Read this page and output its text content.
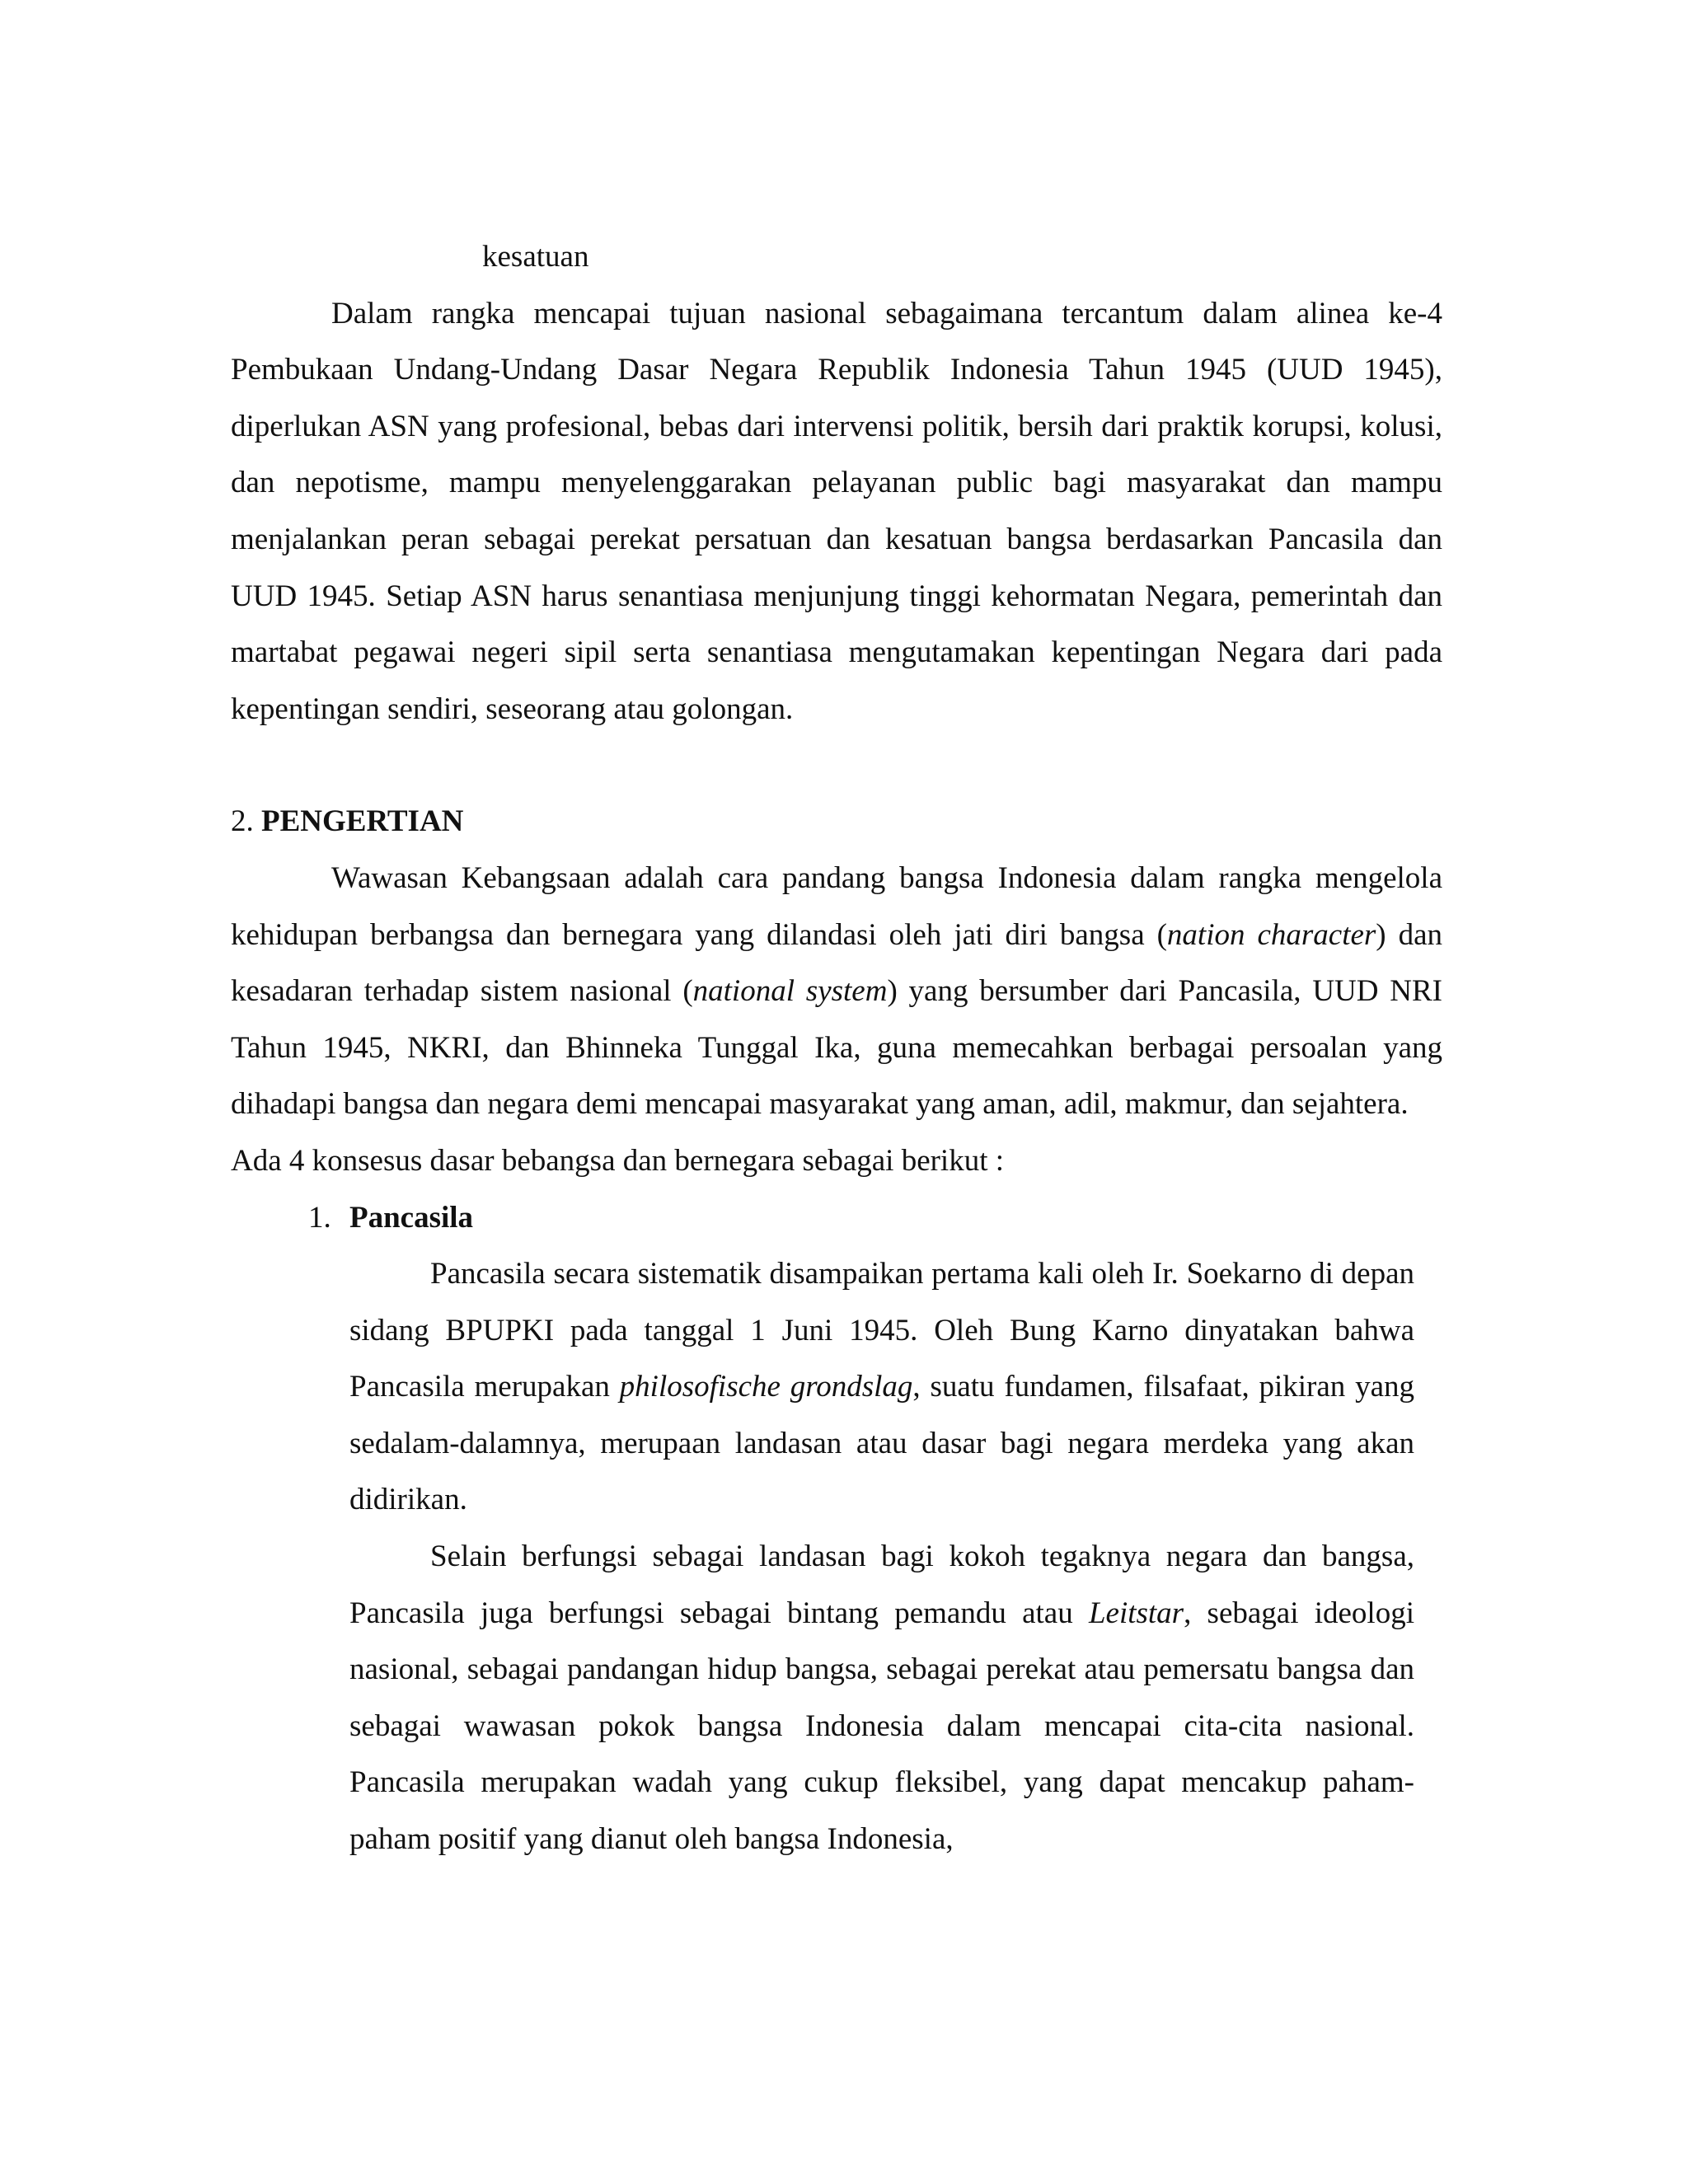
kesatuan

Dalam rangka mencapai tujuan nasional sebagaimana tercantum dalam alinea ke-4 Pembukaan Undang-Undang Dasar Negara Republik Indonesia Tahun 1945 (UUD 1945), diperlukan ASN yang profesional, bebas dari intervensi politik, bersih dari praktik korupsi, kolusi, dan nepotisme, mampu menyelenggarakan pelayanan public bagi masyarakat dan mampu menjalankan peran sebagai perekat persatuan dan kesatuan bangsa berdasarkan Pancasila dan UUD 1945. Setiap ASN harus senantiasa menjunjung tinggi kehormatan Negara, pemerintah dan martabat pegawai negeri sipil serta senantiasa mengutamakan kepentingan Negara dari pada kepentingan sendiri, seseorang atau golongan.

2. PENGERTIAN

Wawasan Kebangsaan adalah cara pandang bangsa Indonesia dalam rangka mengelola kehidupan berbangsa dan bernegara yang dilandasi oleh jati diri bangsa (nation character) dan kesadaran terhadap sistem nasional (national system) yang bersumber dari Pancasila, UUD NRI Tahun 1945, NKRI, dan Bhinneka Tunggal Ika, guna memecahkan berbagai persoalan yang dihadapi bangsa dan negara demi mencapai masyarakat yang aman, adil, makmur, dan sejahtera.

Ada 4 konsesus dasar bebangsa dan bernegara sebagai berikut :

1. Pancasila

Pancasila secara sistematik disampaikan pertama kali oleh Ir. Soekarno di depan sidang BPUPKI pada tanggal 1 Juni 1945. Oleh Bung Karno dinyatakan bahwa Pancasila merupakan philosofische grondslag, suatu fundamen, filsafaat, pikiran yang sedalam-dalamnya, merupaan landasan atau dasar bagi negara merdeka yang akan didirikan.

Selain berfungsi sebagai landasan bagi kokoh tegaknya negara dan bangsa, Pancasila juga berfungsi sebagai bintang pemandu atau Leitstar, sebagai ideologi nasional, sebagai pandangan hidup bangsa, sebagai perekat atau pemersatu bangsa dan sebagai wawasan pokok bangsa Indonesia dalam mencapai cita-cita nasional. Pancasila merupakan wadah yang cukup fleksibel, yang dapat mencakup paham-paham positif yang dianut oleh bangsa Indonesia,
